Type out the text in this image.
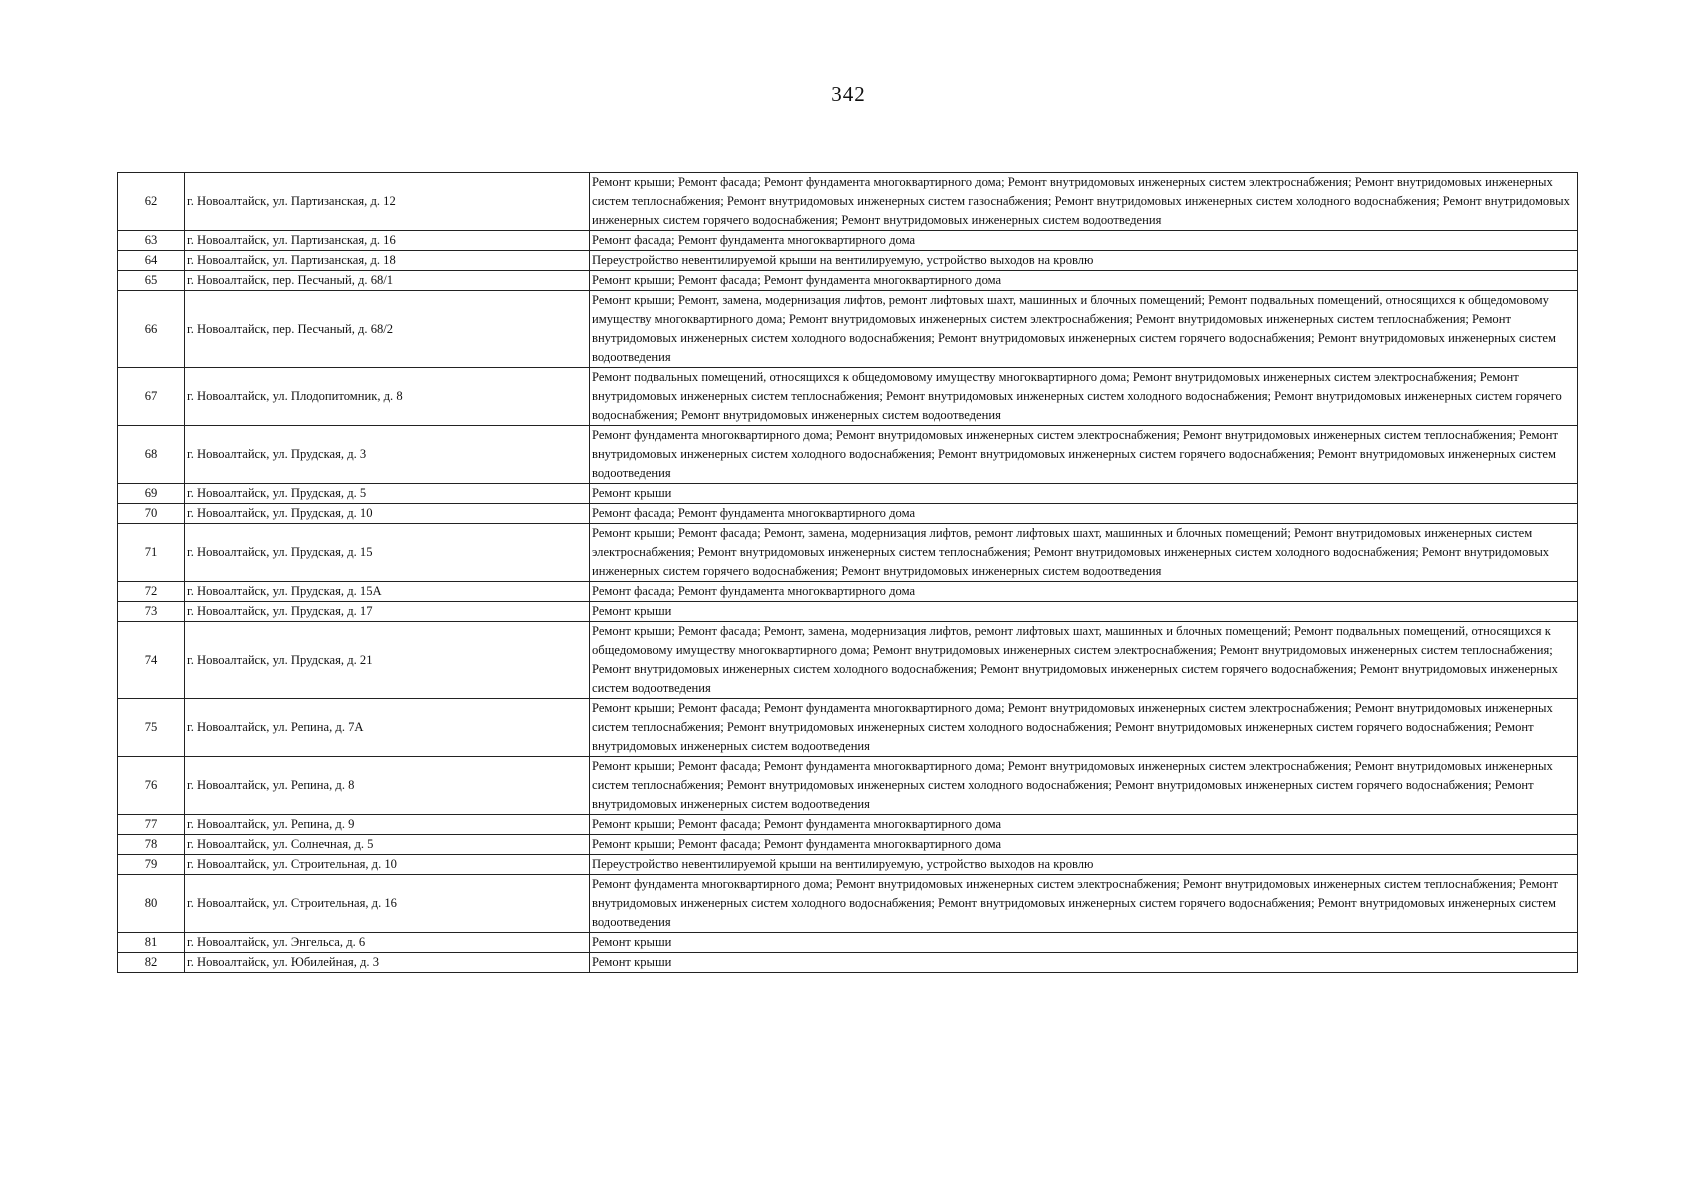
342
62	г. Новоалтайск, ул. Партизанская, д. 12	Ремонт крыши; Ремонт фасада; Ремонт фундамента многоквартирного дома; Ремонт внутридомовых инженерных систем электроснабжения; Ремонт внутридомовых инженерных систем теплоснабжения; Ремонт внутридомовых инженерных систем газоснабжения; Ремонт внутридомовых инженерных систем холодного водоснабжения; Ремонт внутридомовых инженерных систем горячего водоснабжения; Ремонт внутридомовых инженерных систем водоотведения
63	г. Новоалтайск, ул. Партизанская, д. 16	Ремонт фасада; Ремонт фундамента многоквартирного дома
64	г. Новоалтайск, ул. Партизанская, д. 18	Переустройство невентилируемой крыши на вентилируемую, устройство выходов на кровлю
65	г. Новоалтайск, пер. Песчаный, д. 68/1	Ремонт крыши; Ремонт фасада; Ремонт фундамента многоквартирного дома
66	г. Новоалтайск, пер. Песчаный, д. 68/2	Ремонт крыши; Ремонт, замена, модернизация лифтов, ремонт лифтовых шахт, машинных и блочных помещений; Ремонт подвальных помещений, относящихся к общедомовому имуществу многоквартирного дома; Ремонт внутридомовых инженерных систем электроснабжения; Ремонт внутридомовых инженерных систем теплоснабжения; Ремонт внутридомовых инженерных систем холодного водоснабжения; Ремонт внутридомовых инженерных систем горячего водоснабжения; Ремонт внутридомовых инженерных систем водоотведения
67	г. Новоалтайск, ул. Плодопитомник, д. 8	Ремонт подвальных помещений, относящихся к общедомовому имуществу многоквартирного дома; Ремонт внутридомовых инженерных систем электроснабжения; Ремонт внутридомовых инженерных систем теплоснабжения; Ремонт внутридомовых инженерных систем холодного водоснабжения; Ремонт внутридомовых инженерных систем горячего водоснабжения; Ремонт внутридомовых инженерных систем водоотведения
68	г. Новоалтайск, ул. Прудская, д. 3	Ремонт фундамента многоквартирного дома; Ремонт внутридомовых инженерных систем электроснабжения; Ремонт внутридомовых инженерных систем теплоснабжения; Ремонт внутридомовых инженерных систем холодного водоснабжения; Ремонт внутридомовых инженерных систем горячего водоснабжения; Ремонт внутридомовых инженерных систем водоотведения
69	г. Новоалтайск, ул. Прудская, д. 5	Ремонт крыши
70	г. Новоалтайск, ул. Прудская, д. 10	Ремонт фасада; Ремонт фундамента многоквартирного дома
71	г. Новоалтайск, ул. Прудская, д. 15	Ремонт крыши; Ремонт фасада; Ремонт, замена, модернизация лифтов, ремонт лифтовых шахт, машинных и блочных помещений; Ремонт внутридомовых инженерных систем электроснабжения; Ремонт внутридомовых инженерных систем теплоснабжения; Ремонт внутридомовых инженерных систем холодного водоснабжения; Ремонт внутридомовых инженерных систем горячего водоснабжения; Ремонт внутридомовых инженерных систем водоотведения
72	г. Новоалтайск, ул. Прудская, д. 15А	Ремонт фасада; Ремонт фундамента многоквартирного дома
73	г. Новоалтайск, ул. Прудская, д. 17	Ремонт крыши
74	г. Новоалтайск, ул. Прудская, д. 21	Ремонт крыши; Ремонт фасада; Ремонт, замена, модернизация лифтов, ремонт лифтовых шахт, машинных и блочных помещений; Ремонт подвальных помещений, относящихся к общедомовому имуществу многоквартирного дома; Ремонт внутридомовых инженерных систем электроснабжения; Ремонт внутридомовых инженерных систем теплоснабжения; Ремонт внутридомовых инженерных систем холодного водоснабжения; Ремонт внутридомовых инженерных систем горячего водоснабжения; Ремонт внутридомовых инженерных систем водоотведения
75	г. Новоалтайск, ул. Репина, д. 7А	Ремонт крыши; Ремонт фасада; Ремонт фундамента многоквартирного дома; Ремонт внутридомовых инженерных систем электроснабжения; Ремонт внутридомовых инженерных систем теплоснабжения; Ремонт внутридомовых инженерных систем холодного водоснабжения; Ремонт внутридомовых инженерных систем горячего водоснабжения; Ремонт внутридомовых инженерных систем водоотведения
76	г. Новоалтайск, ул. Репина, д. 8	Ремонт крыши; Ремонт фасада; Ремонт фундамента многоквартирного дома; Ремонт внутридомовых инженерных систем электроснабжения; Ремонт внутридомовых инженерных систем теплоснабжения; Ремонт внутридомовых инженерных систем холодного водоснабжения; Ремонт внутридомовых инженерных систем горячего водоснабжения; Ремонт внутридомовых инженерных систем водоотведения
77	г. Новоалтайск, ул. Репина, д. 9	Ремонт крыши; Ремонт фасада; Ремонт фундамента многоквартирного дома
78	г. Новоалтайск, ул. Солнечная, д. 5	Ремонт крыши; Ремонт фасада; Ремонт фундамента многоквартирного дома
79	г. Новоалтайск, ул. Строительная, д. 10	Переустройство невентилируемой крыши на вентилируемую, устройство выходов на кровлю
80	г. Новоалтайск, ул. Строительная, д. 16	Ремонт фундамента многоквартирного дома; Ремонт внутридомовых инженерных систем электроснабжения; Ремонт внутридомовых инженерных систем теплоснабжения; Ремонт внутридомовых инженерных систем холодного водоснабжения; Ремонт внутридомовых инженерных систем горячего водоснабжения; Ремонт внутридомовых инженерных систем водоотведения
81	г. Новоалтайск, ул. Энгельса, д. 6	Ремонт крыши
82	г. Новоалтайск, ул. Юбилейная, д. 3	Ремонт крыши
